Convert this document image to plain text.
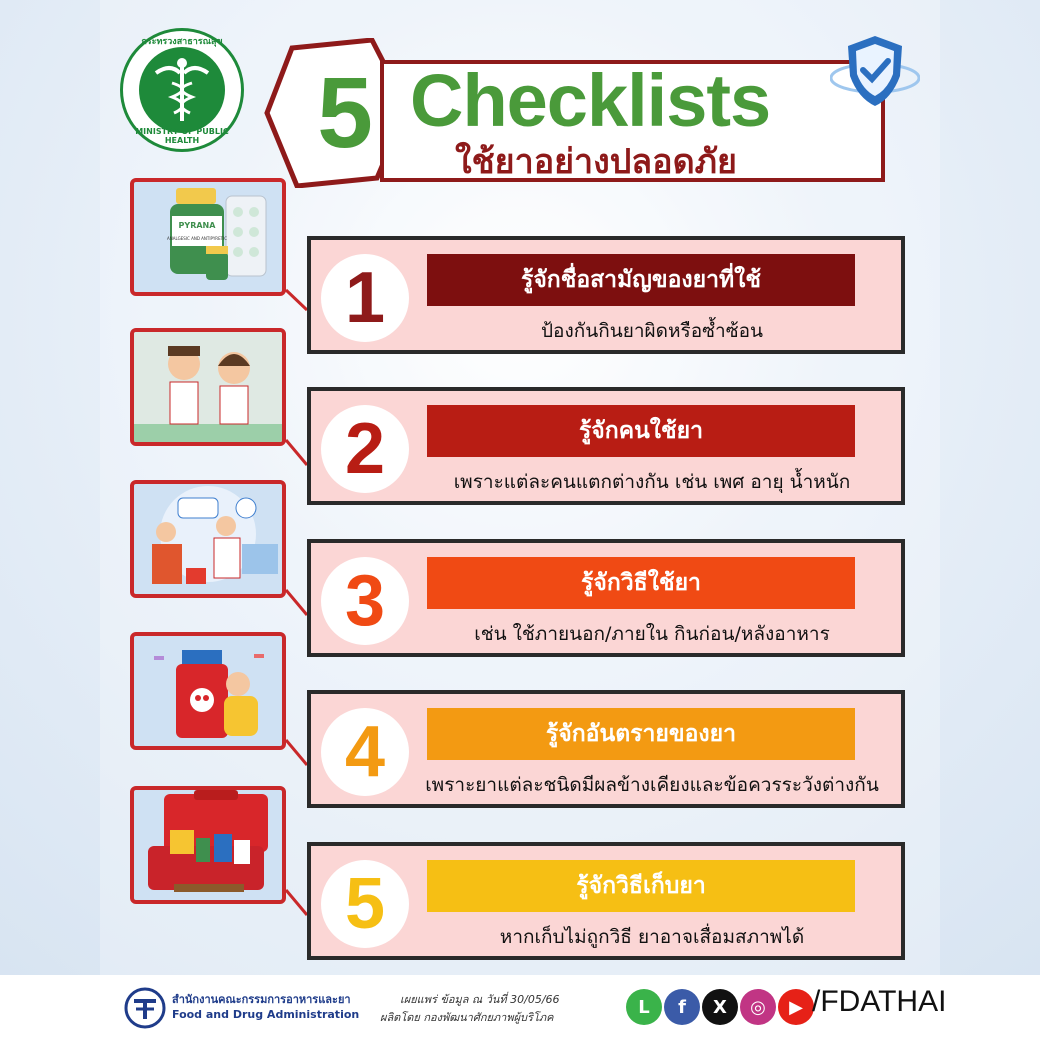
กระทรวงสาธารณสุข
MINISTRY OF PUBLIC HEALTH	5 Checklists
ใช้ยาอย่างปลอดภัย
PYRANA
ANALGESIC AND ANTIPYRETIC
1	รู้จักชื่อสามัญของยาที่ใช้
ป้องกันกินยาผิดหรือซ้ำซ้อน
2	รู้จักคนใช้ยา
เพราะแต่ละคนแตกต่างกัน เช่น เพศ อายุ น้ำหนัก
3	รู้จักวิธีใช้ยา
เช่น ใช้ภายนอก/ภายใน กินก่อน/หลังอาหาร
4	รู้จักอันตรายของยา
เพราะยาแต่ละชนิดมีผลข้างเคียงและข้อควรระวังต่างกัน
5	รู้จักวิธีเก็บยา
หากเก็บไม่ถูกวิธี ยาอาจเสื่อมสภาพได้
สำนักงานคณะกรรมการอาหารและยา
Food and Drug Administration
เผยแพร่ ข้อมูล ณ วันที่ 30/05/66
ผลิตโดย กองพัฒนาศักยภาพผู้บริโภค	L	f	X	◎	▶ /FDATHAI
